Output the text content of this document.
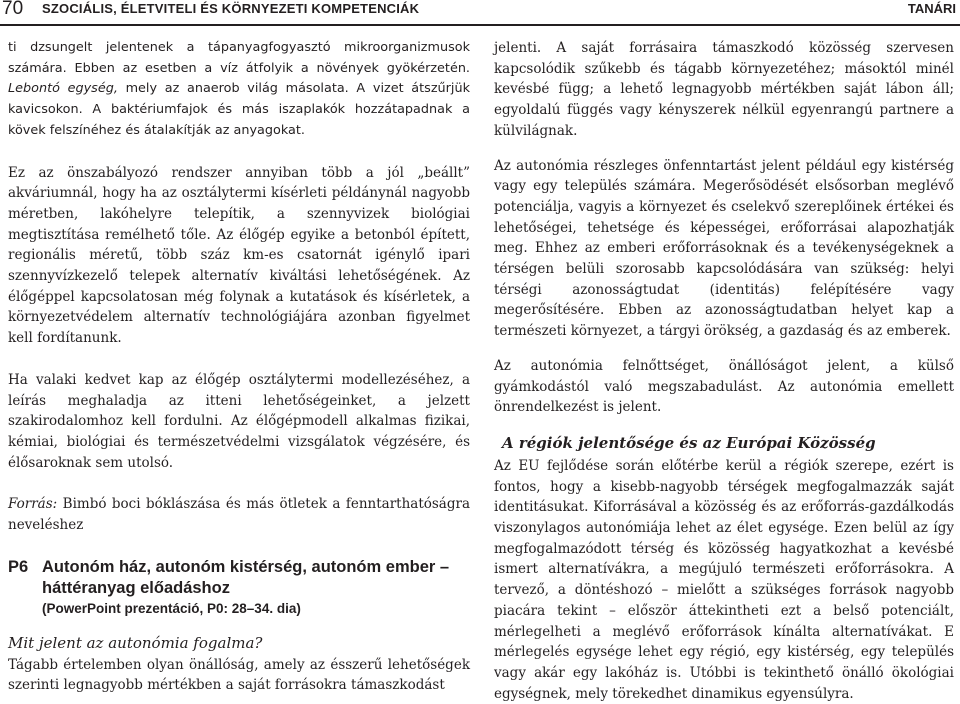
70 SZOCIÁLIS, ÉLETVITELI ÉS KÖRNYEZETI KOMPETENCIÁK	TANÁRI

ti dzsungelt jelentenek a tápanyagfogyasztó mikroorganizmusok számára. Ebben az esetben a víz átfolyik a növények gyökérzetén. Lebontó egység, mely az anaerob világ másolata. A vizet átszűrjük kavicsokon. A baktériumfajok és más iszaplakók hozzátapadnak a kövek felszínéhez és átalakítják az anyagokat.

Ez az önszabályozó rendszer annyiban több a jól „beállt” akváriumnál, hogy ha az osztálytermi kísérleti példánynál nagyobb méretben, lakóhelyre telepítik, a szennyvizek biológiai megtisztítása remélhető tőle. Az élőgép egyike a betonból épített, regionális méretű, több száz km-es csatornát igénylő ipari szennyvízkezelő telepek alternatív kiváltási lehetőségének. Az élőgéppel kapcsolatosan még folynak a kutatások és kísérletek, a környezetvédelem alternatív technológiájára azonban figyelmet kell fordítanunk.

Ha valaki kedvet kap az élőgép osztálytermi modellezéséhez, a leírás meghaladja az itteni lehetőségeinket, a jelzett szakirodalomhoz kell fordulni. Az élőgépmodell alkalmas fizikai, kémiai, biológiai és természetvédelmi vizsgálatok végzésére, és élősaroknak sem utolsó.

Forrás: Bimbó boci bóklászása és más ötletek a fenntarthatóságra neveléshez

P6 Autonóm ház, autonóm kistérség, autonóm ember – háttéranyag előadáshoz
(PowerPoint prezentáció, P0: 28–34. dia)
Mit jelent az autonómia fogalma?

Tágabb értelemben olyan önállóság, amely az ésszerű lehetőségek szerinti legnagyobb mértékben a saját forrásokra támaszkodást

jelenti. A saját forrásaira támaszkodó közösség szervesen kapcsolódik szűkebb és tágabb környezetéhez; másoktól minél kevésbé függ; a lehető legnagyobb mértékben saját lábon áll; egyoldalú függés vagy kényszerek nélkül egyenrangú partnere a külvilágnak.

Az autonómia részleges önfenntartást jelent például egy kistérség vagy egy település számára. Megerősödését elsősorban meglévő potenciálja, vagyis a környezet és cselekvő szereplőinek értékei és lehetőségei, tehetsége és képességei, erőforrásai alapozhatják meg. Ehhez az emberi erőforrásoknak és a tevékenységeknek a térségen belüli szorosabb kapcsolódására van szükség: helyi térségi azonosságtudat (identitás) felépítésére vagy megerősítésére. Ebben az azonosságtudatban helyet kap a természeti környezet, a tárgyi örökség, a gazdaság és az emberek.

Az autonómia felnőttséget, önállóságot jelent, a külső gyámkodástól való megszabadulást. Az autonómia emellett önrendelkezést is jelent.

A régiók jelentősége és az Európai Közösség

Az EU fejlődése során előtérbe kerül a régiók szerepe, ezért is fontos, hogy a kisebb-nagyobb térségek megfogalmazzák saját identitásukat. Kiforrásával a közösség és az erőforrás-gazdálkodás viszonylagos autonómiája lehet az élet egysége. Ezen belül az így megfogalmazódott térség és közösség hagyatkozhat a kevésbé ismert alternatívákra, a megújuló természeti erőforrásokra. A tervező, a döntéshozó – mielőtt a szükséges források nagyobb piacára tekint – először áttekintheti ezt a belső potenciált, mérlegelheti a meglévő erőforrások kínálta alternatívákat. E mérlegelés egysége lehet egy régió, egy kistérség, egy település vagy akár egy lakóház is. Utóbbi is tekinthető önálló ökológiai egységnek, mely törekedhet dinamikus egyensúlyra.
